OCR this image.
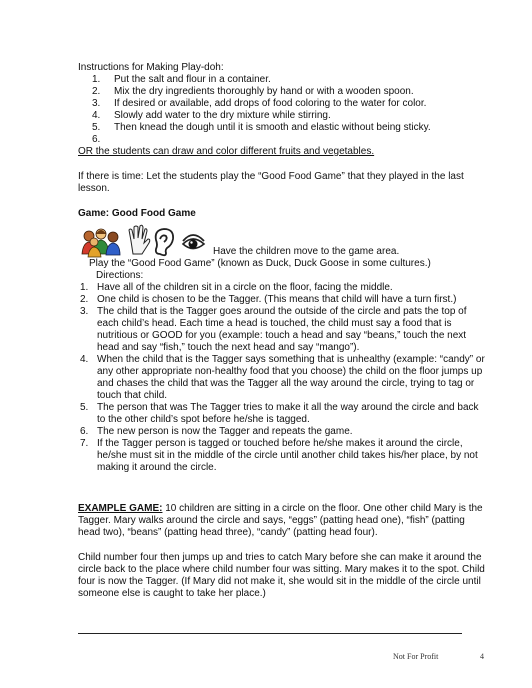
Instructions for Making Play-doh:

1.	Put the salt and flour in a container.
2.	Mix the dry ingredients thoroughly by hand or with a wooden spoon.
3.	If desired or available, add drops of food coloring to the water for color.
4.	Slowly add water to the dry mixture while stirring.
5.	Then knead the dough until it is smooth and elastic without being sticky.
6.

OR the students can draw and color different fruits and vegetables.

If there is time: Let the students play the “Good Food Game” that they played in the last lesson.

Game: Good Food Game

Have the children move to the game area.

Play the “Good Food Game” (known as Duck, Duck Goose in some cultures.)

Directions:

1. Have all of the children sit in a circle on the floor, facing the middle.
2. One child is chosen to be the Tagger. (This means that child will have a turn first.)
3. The child that is the Tagger goes around the outside of the circle and pats the top of each child’s head. Each time a head is touched, the child must say a food that is nutritious or GOOD for you (example: touch a head and say “beans,” touch the next head and say “fish,” touch the next head and say “mango”).
4. When the child that is the Tagger says something that is unhealthy (example: “candy” or any other appropriate non-healthy food that you choose) the child on the floor jumps up and chases the child that was the Tagger all the way around the circle, trying to tag or touch that child.
5. The person that was The Tagger tries to make it all the way around the circle and back to the other child’s spot before he/she is tagged.
6. The new person is now the Tagger and repeats the game.
7. If the Tagger person is tagged or touched before he/she makes it around the circle, he/she must sit in the middle of the circle until another child takes his/her place, by not making it around the circle.

EXAMPLE GAME: 10 children are sitting in a circle on the floor. One other child Mary is the Tagger. Mary walks around the circle and says, “eggs” (patting head one), “fish” (patting head two), “beans” (patting head three), “candy” (patting head four).

Child number four then jumps up and tries to catch Mary before she can make it around the circle back to the place where child number four was sitting. Mary makes it to the spot. Child four is now the Tagger. (If Mary did not make it, she would sit in the middle of the circle until someone else is caught to take her place.)

Not For Profit	4
